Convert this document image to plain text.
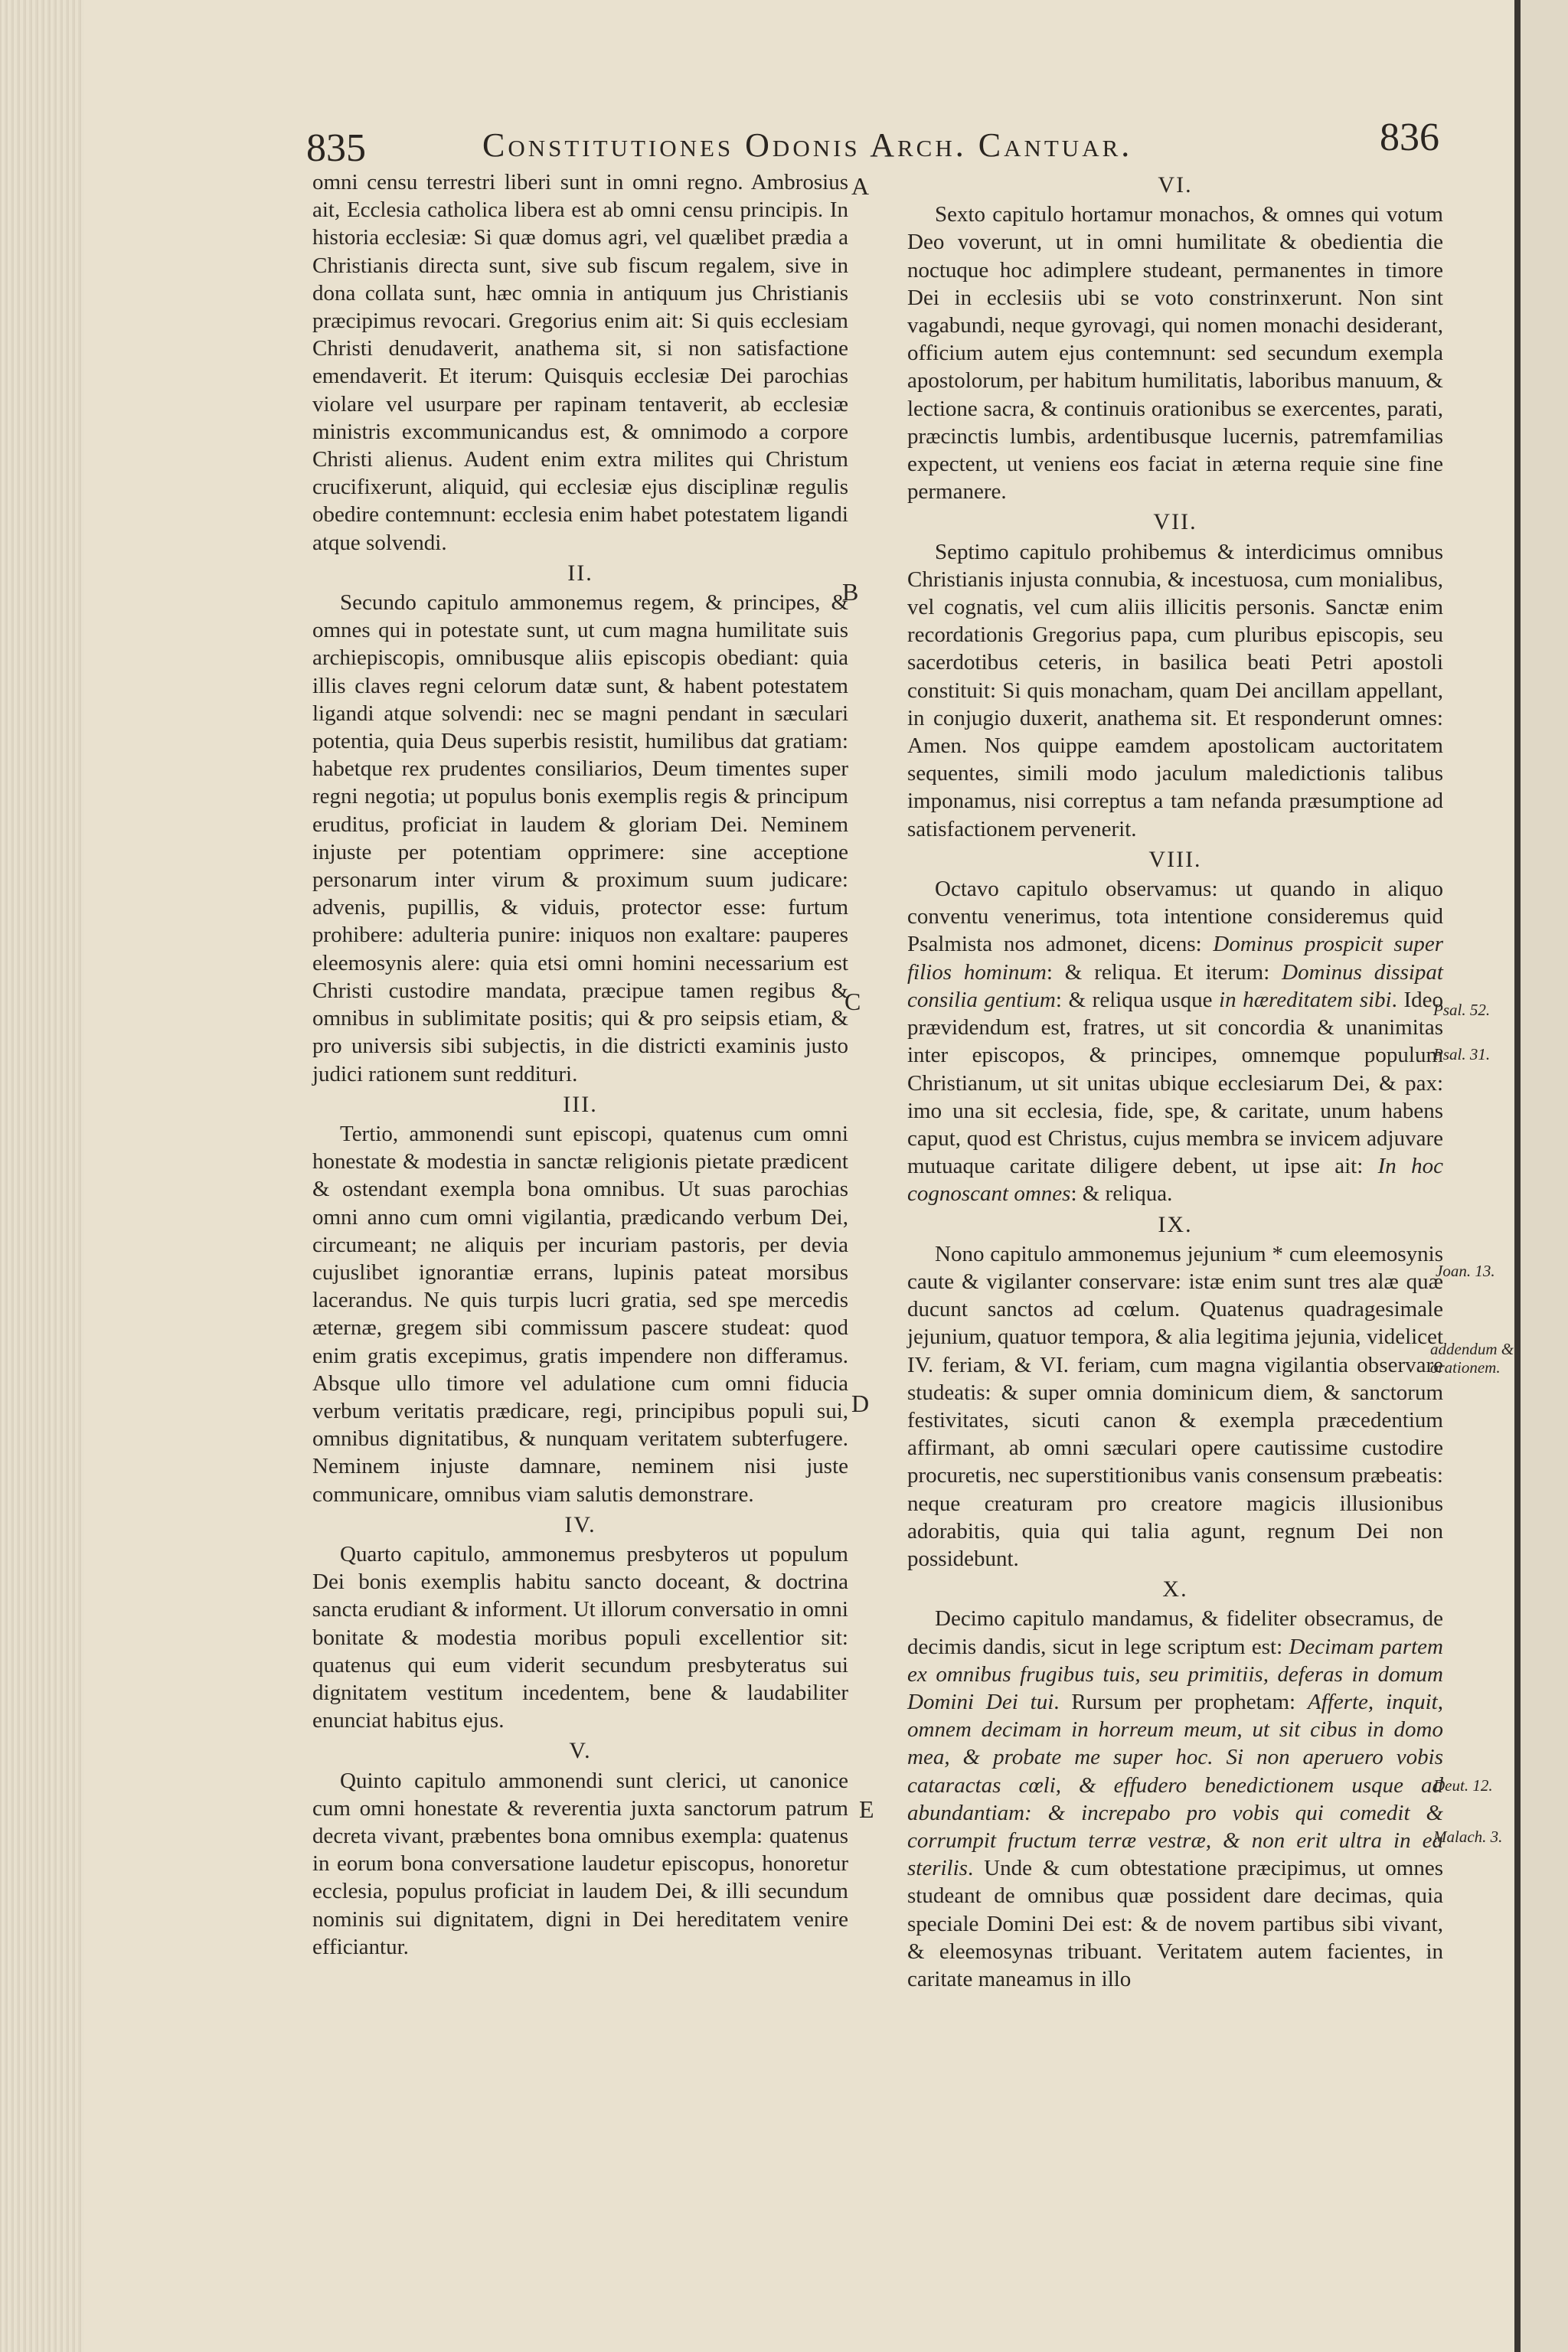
835	Constitutiones Odonis Arch. Cantuar.	836

omni censu terrestri liberi sunt in omni regno. Ambrosius ait, Ecclesia catholica libera est ab omni censu principis. In historia ecclesiæ: Si quæ domus agri, vel quælibet prædia a Christianis directa sunt, sive sub fiscum regalem, sive in dona collata sunt, hæc omnia in antiquum jus Christianis præcipimus revocari. Gregorius enim ait: Si quis ecclesiam Christi denudaverit, anathema sit, si non satisfactione emendaverit. Et iterum: Quisquis ecclesiæ Dei parochias violare vel usurpare per rapinam tentaverit, ab ecclesiæ ministris excommunicandus est, & omnimodo a corpore Christi alienus. Audent enim extra milites qui Christum crucifixerunt, aliquid, qui ecclesiæ ejus disciplinæ regulis obedire contemnunt: ecclesia enim habet potestatem ligandi atque solvendi.

II.

Secundo capitulo ammonemus regem, & principes, & omnes qui in potestate sunt, ut cum magna humilitate suis archiepiscopis, omnibusque aliis episcopis obediant: quia illis claves regni celorum datæ sunt, & habent potestatem ligandi atque solvendi: nec se magni pendant in sæculari potentia, quia Deus superbis resistit, humilibus dat gratiam: habetque rex prudentes consiliarios, Deum timentes super regni negotia; ut populus bonis exemplis regis & principum eruditus, proficiat in laudem & gloriam Dei. Neminem injuste per potentiam opprimere: sine acceptione personarum inter virum & proximum suum judicare: advenis, pupillis, & viduis, protector esse: furtum prohibere: adulteria punire: iniquos non exaltare: pauperes eleemosynis alere: quia etsi omni homini necessarium est Christi custodire mandata, præcipue tamen regibus & omnibus in sublimitate positis; qui & pro seipsis etiam, & pro universis sibi subjectis, in die districti examinis justo judici rationem sunt reddituri.

III.

Tertio, ammonendi sunt episcopi, quatenus cum omni honestate & modestia in sanctæ religionis pietate prædicent & ostendant exempla bona omnibus. Ut suas parochias omni anno cum omni vigilantia, prædicando verbum Dei, circumeant; ne aliquis per incuriam pastoris, per devia cujuslibet ignorantiæ errans, lupinis pateat morsibus lacerandus. Ne quis turpis lucri gratia, sed spe mercedis æternæ, gregem sibi commissum pascere studeat: quod enim gratis excepimus, gratis impendere non differamus. Absque ullo timore vel adulatione cum omni fiducia verbum veritatis prædicare, regi, principibus populi sui, omnibus dignitatibus, & nunquam veritatem subterfugere. Neminem injuste damnare, neminem nisi juste communicare, omnibus viam salutis demonstrare.

IV.

Quarto capitulo, ammonemus presbyteros ut populum Dei bonis exemplis habitu sancto doceant, & doctrina sancta erudiant & informent. Ut illorum conversatio in omni bonitate & modestia moribus populi excellentior sit: quatenus qui eum viderit secundum presbyteratus sui dignitatem vestitum incedentem, bene & laudabiliter enunciat habitus ejus.

V.

Quinto capitulo ammonendi sunt clerici, ut canonice cum omni honestate & reverentia juxta sanctorum patrum decreta vivant, præbentes bona omnibus exempla: quatenus in eorum bona conversatione laudetur episcopus, honoretur ecclesia, populus proficiat in laudem Dei, & illi secundum nominis sui dignitatem, digni in Dei hereditatem venire efficiantur.

VI.

Sexto capitulo hortamur monachos, & omnes qui votum Deo voverunt, ut in omni humilitate & obedientia die noctuque hoc adimplere studeant, permanentes in timore Dei in ecclesiis ubi se voto constrinxerunt. Non sint vagabundi, neque gyrovagi, qui nomen monachi desiderant, officium autem ejus contemnunt: sed secundum exempla apostolorum, per habitum humilitatis, laboribus manuum, & lectione sacra, & continuis orationibus se exercentes, parati, præcinctis lumbis, ardentibusque lucernis, patremfamilias expectent, ut veniens eos faciat in æterna requie sine fine permanere.

VII.

Septimo capitulo prohibemus & interdicimus omnibus Christianis injusta connubia, & incestuosa, cum monialibus, vel cognatis, vel cum aliis illicitis personis. Sanctæ enim recordationis Gregorius papa, cum pluribus episcopis, seu sacerdotibus ceteris, in basilica beati Petri apostoli constituit: Si quis monacham, quam Dei ancillam appellant, in conjugio duxerit, anathema sit. Et responderunt omnes: Amen. Nos quippe eamdem apostolicam auctoritatem sequentes, simili modo jaculum maledictionis talibus imponamus, nisi correptus a tam nefanda præsumptione ad satisfactionem pervenerit.

VIII.

Octavo capitulo observamus: ut quando in aliquo conventu venerimus, tota intentione consideremus quid Psalmista nos admonet, dicens: Dominus prospicit super filios hominum: & reliqua. Et iterum: Dominus dissipat consilia gentium: & reliqua usque in hæreditatem sibi. Ideo prævidendum est, fratres, ut sit concordia & unanimitas inter episcopos, & principes, omnemque populum Christianum, ut sit unitas ubique ecclesiarum Dei, & pax: imo una sit ecclesia, fide, spe, & caritate, unum habens caput, quod est Christus, cujus membra se invicem adjuvare mutuaque caritate diligere debent, ut ipse ait: In hoc cognoscant omnes: & reliqua.

IX.

Nono capitulo ammonemus jejunium * cum eleemosynis caute & vigilanter conservare: istæ enim sunt tres alæ quæ ducunt sanctos ad cœlum. Quatenus quadragesimale jejunium, quatuor tempora, & alia legitima jejunia, videlicet IV. feriam, & VI. feriam, cum magna vigilantia observare studeatis: & super omnia dominicum diem, & sanctorum festivitates, sicuti canon & exempla præcedentium affirmant, ab omni sæculari opere cautissime custodire procuretis, nec superstitionibus vanis consensum præbeatis: neque creaturam pro creatore magicis illusionibus adorabitis, quia qui talia agunt, regnum Dei non possidebunt.

X.

Decimo capitulo mandamus, & fideliter obsecramus, de decimis dandis, sicut in lege scriptum est: Decimam partem ex omnibus frugibus tuis, seu primitiis, deferas in domum Domini Dei tui. Rursum per prophetam: Afferte, inquit, omnem decimam in horreum meum, ut sit cibus in domo mea, & probate me super hoc. Si non aperuero vobis cataractas cœli, & effudero benedictionem usque ad abundantiam: & increpabo pro vobis qui comedit & corrumpit fructum terræ vestræ, & non erit ultra in ea sterilis. Unde & cum obtestatione præcipimus, ut omnes studeant de omnibus quæ possident dare decimas, quia speciale Domini Dei est: & de novem partibus sibi vivant, & eleemosynas tribuant. Veritatem autem facientes, in caritate maneamus in illo

A
B
C
D
E
Psal. 52.
Psal. 31.
Joan. 13.
addendum & orationem.
Deut. 12.
Malach. 3.
